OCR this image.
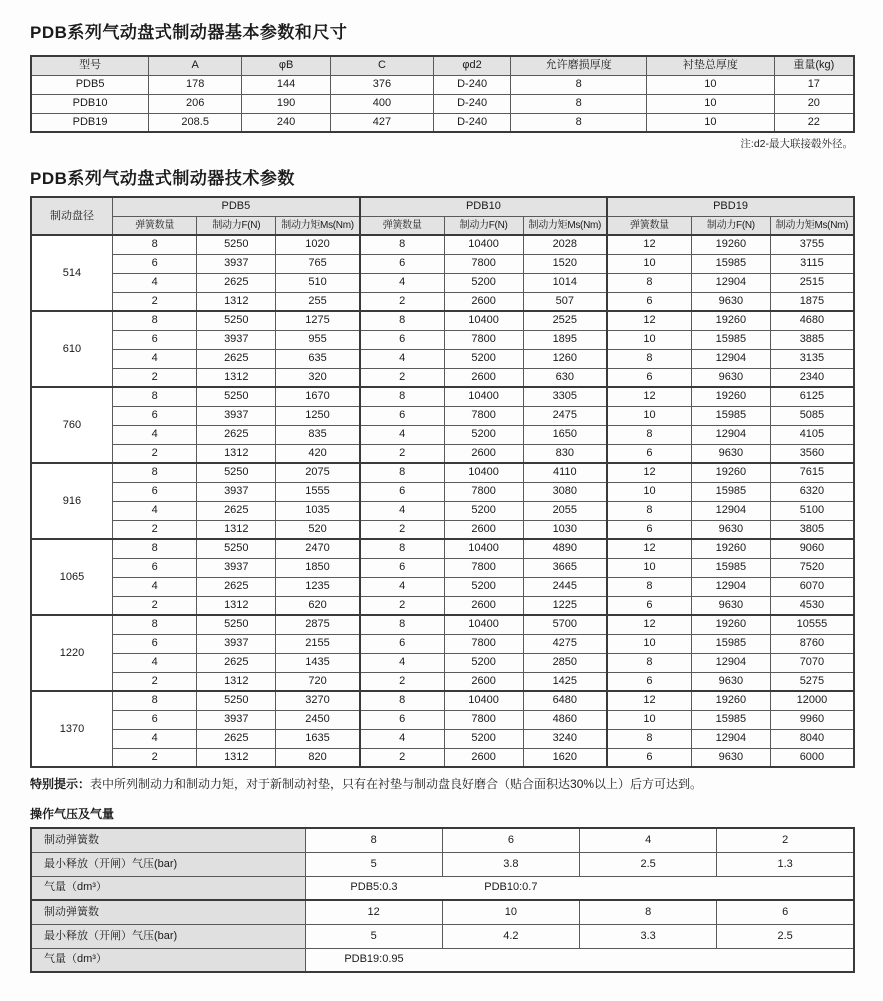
PDB系列气动盘式制动器基本参数和尺寸
型号	A	φB	C	φd2	允许磨损厚度	衬垫总厚度	重量(kg)
PDB5	178	144	376	D-240	8	10	17
PDB10	206	190	400	D-240	8	10	20
PDB19	208.5	240	427	D-240	8	10	22
注:d2-最大联接毂外径。
PDB系列气动盘式制动器技术参数
制动盘径	PDB5			PDB10			PBD19		
	弹簧数量	制动力F(N)	制动力矩Ms(Nm)	弹簧数量	制动力F(N)	制动力矩Ms(Nm)	弹簧数量	制动力F(N)	制动力矩Ms(Nm)
514	8	5250	1020	8	10400	2028	12	19260	3755
	6	3937	765	6	7800	1520	10	15985	3115
	4	2625	510	4	5200	1014	8	12904	2515
	2	1312	255	2	2600	507	6	9630	1875
610	8	5250	1275	8	10400	2525	12	19260	4680
	6	3937	955	6	7800	1895	10	15985	3885
	4	2625	635	4	5200	1260	8	12904	3135
	2	1312	320	2	2600	630	6	9630	2340
760	8	5250	1670	8	10400	3305	12	19260	6125
	6	3937	1250	6	7800	2475	10	15985	5085
	4	2625	835	4	5200	1650	8	12904	4105
	2	1312	420	2	2600	830	6	9630	3560
916	8	5250	2075	8	10400	4110	12	19260	7615
	6	3937	1555	6	7800	3080	10	15985	6320
	4	2625	1035	4	5200	2055	8	12904	5100
	2	1312	520	2	2600	1030	6	9630	3805
1065	8	5250	2470	8	10400	4890	12	19260	9060
	6	3937	1850	6	7800	3665	10	15985	7520
	4	2625	1235	4	5200	2445	8	12904	6070
	2	1312	620	2	2600	1225	6	9630	4530
1220	8	5250	2875	8	10400	5700	12	19260	10555
	6	3937	2155	6	7800	4275	10	15985	8760
	4	2625	1435	4	5200	2850	8	12904	7070
	2	1312	720	2	2600	1425	6	9630	5275
1370	8	5250	3270	8	10400	6480	12	19260	12000
	6	3937	2450	6	7800	4860	10	15985	9960
	4	2625	1635	4	5200	3240	8	12904	8040
	2	1312	820	2	2600	1620	6	9630	6000
特别提示：表中所列制动力和制动力矩，对于新制动衬垫，只有在衬垫与制动盘良好磨合（贴合面积达30%以上）后方可达到。
操作气压及气量
制动弹簧数	8	6	4	2
最小释放（开闸）气压(bar)	5	3.8	2.5	1.3
气量（dm³）	PDB5:0.3 PDB10:0.7			
制动弹簧数	12	10	8	6
最小释放（开闸）气压(bar)	5	4.2	3.3	2.5
气量（dm³）	PDB19:0.95			
